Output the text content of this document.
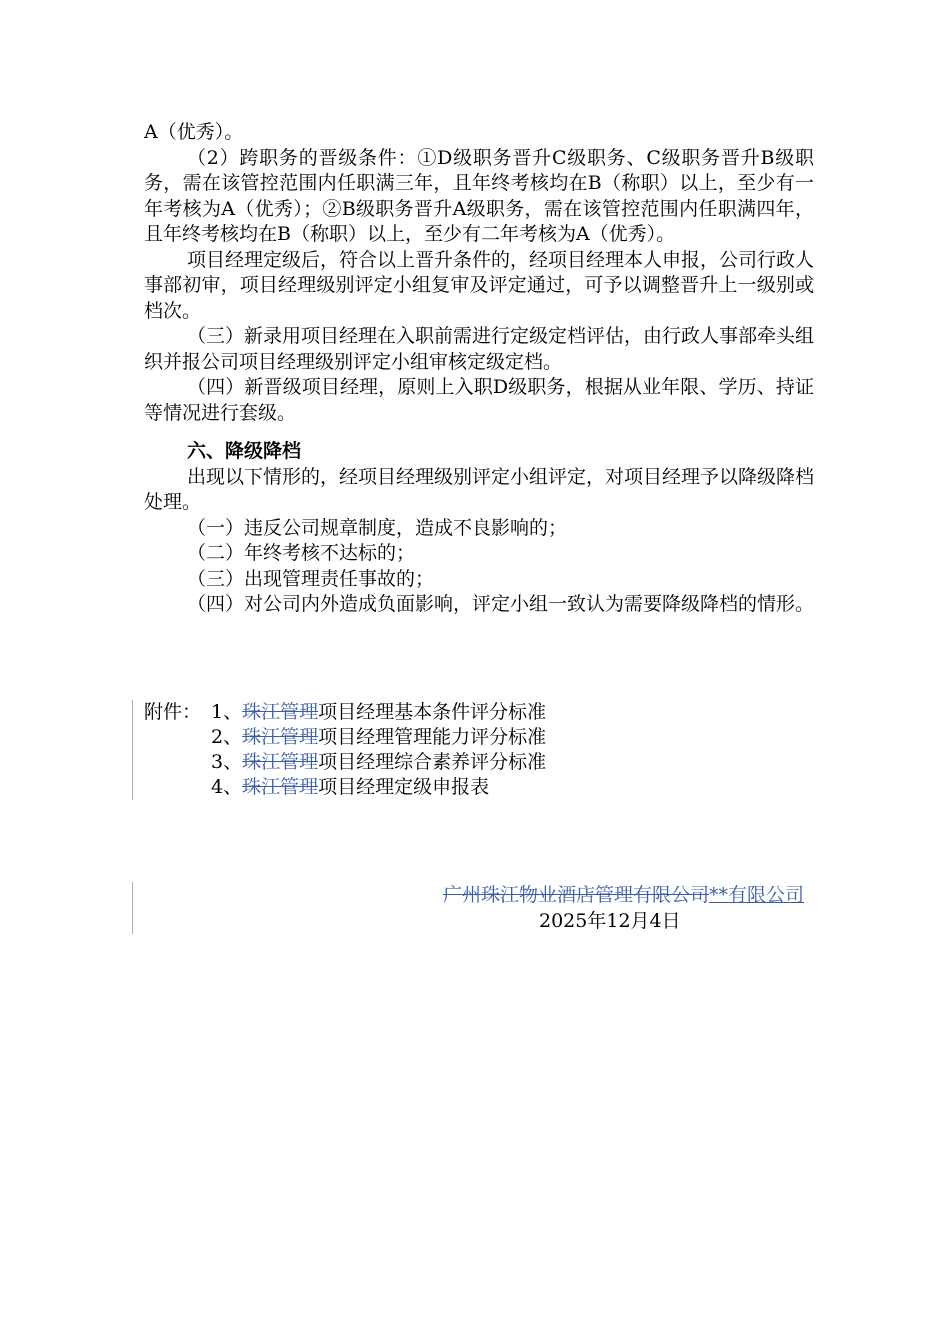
A（优秀）。

（2）跨职务的晋级条件：①D级职务晋升C级职务、C级职务晋升B级职务，需在该管控范围内任职满三年，且年终考核均在B（称职）以上，至少有一年考核为A（优秀）；②B级职务晋升A级职务，需在该管控范围内任职满四年，且年终考核均在B（称职）以上，至少有二年考核为A（优秀）。

项目经理定级后，符合以上晋升条件的，经项目经理本人申报，公司行政人事部初审，项目经理级别评定小组复审及评定通过，可予以调整晋升上一级别或档次。

（三）新录用项目经理在入职前需进行定级定档评估，由行政人事部牵头组织并报公司项目经理级别评定小组审核定级定档。

（四）新晋级项目经理，原则上入职D级职务，根据从业年限、学历、持证等情况进行套级。

六、降级降档

出现以下情形的，经项目经理级别评定小组评定，对项目经理予以降级降档处理。

（一）违反公司规章制度，造成不良影响的；

（二）年终考核不达标的；

（三）出现管理责任事故的；

（四）对公司内外造成负面影响，评定小组一致认为需要降级降档的情形。

附件： 1、 珠江管理 项目经理基本条件评分标准
2、 珠江管理 项目经理管理能力评分标准
3、 珠江管理 项目经理综合素养评分标准
4、 珠江管理 项目经理定级申报表
广州珠江物业酒店管理有限公司**有限公司
2025年12月4日
